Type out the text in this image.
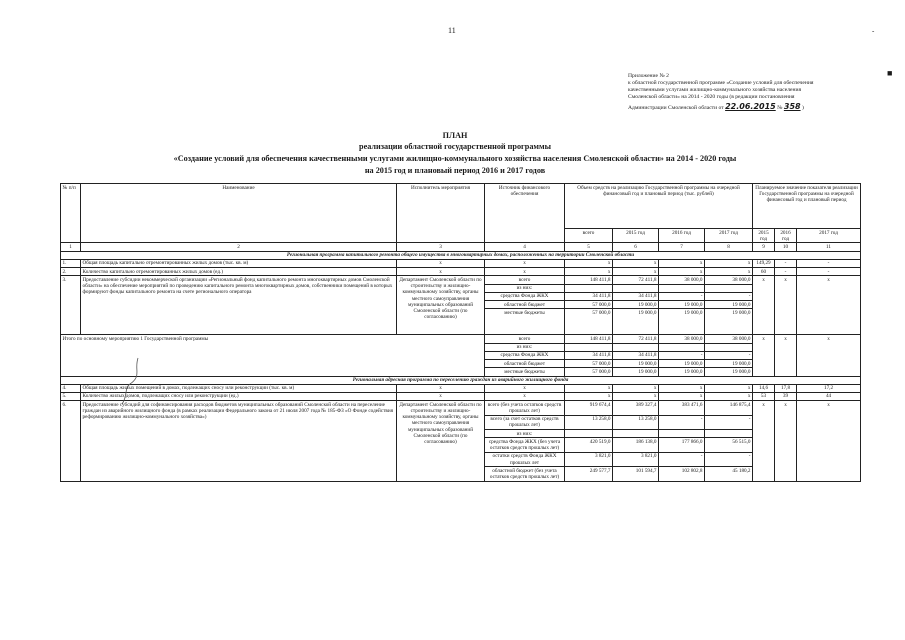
11	-
■
Приложение № 2
к областной государственной программе «Создание условий для обеспечения
качественными услугами жилищно-коммунального хозяйства населения
Смоленской области» на 2014 - 2020 годы (в редакции постановления
Администрации Смоленской области от 22.06.2015 № 358 )
ПЛАН
реализации областной государственной программы
«Создание условий для обеспечения качественными услугами жилищно-коммунального хозяйства населения Смоленской области» на 2014 - 2020 годы
на 2015 год и плановый период 2016 и 2017 годов
№ п/п	Наименование	Исполнитель мероприятия	Источник финансового обеспечения	Объем средств на реализацию Государственной программы на очередной финансовый год и плановый период (тыс. рублей)				Планируемое значение показателя реализации Государственной программы на очередной финансовый год и плановый период		
				всего	2015 год	2016 год	2017 год	2015 год	2016 год	2017 год
1	2	3	4	5	6	7	8	9	10	11
Региональная программа капитального ремонта общего имущества в многоквартирных домах, расположенных на территории Смоленской области										
1.	Общая площадь капитально отремонтированных жилых домов (тыс. кв. м)	х	х	х	х	х	х	149,29	-	-
2.	Количество капитально отремонтированных жилых домов (ед.)	х	х	х	х	х	х	60	-	-
3.	Предоставление субсидии некоммерческой организации «Региональный фонд капитального ремонта многоквартирных домов Смоленской области» на обеспечение мероприятий по проведению капитального ремонта многоквартирных домов, собственники помещений в которых формируют фонды капитального ремонта на счете регионального оператора	Департамент Смоленской области по строительству и жилищно-коммунальному хозяйству, органы местного самоуправления муниципальных образований Смоленской области (по согласованию)	всего	148 411,8	72 411,8	38 000,0	38 000,0	х	х	х
			из них:							
			средства Фонда ЖКХ	34 411,8	34 411,8	-	-			
			областной бюджет	57 000,0	19 000,0	19 000,0	19 000,0			
			местные бюджеты	57 000,0	19 000,0	19 000,0	19 000,0			
Итого по основному мероприятию 1 Государственной программы			всего	148 411,8	72 411,8	38 000,0	38 000,0	х	х	х
			из них:							
			средства Фонда ЖКХ	34 411,8	34 411,8	-	-			
			областной бюджет	57 000,0	19 000,0	19 000,0	19 000,0			
			местные бюджеты	57 000,0	19 000,0	19 000,0	19 000,0			
Региональная адресная программа по переселению граждан из аварийного жилищного фонда										
4.	Общая площадь жилых помещений в домах, подлежащих сносу или реконструкции (тыс. кв. м)	х	х	х	х	х	х	14,6	17,8	17,2
5.	Количество жилых домов, подлежащих сносу или реконструкции (ед.)	х	х	х	х	х	х	53	39	44
6.	Предоставление субсидий для софинансирования расходов бюджетов муниципальных образований Смоленской области на переселение граждан из аварийного жилищного фонда (в рамках реализации Федерального закона от 21 июля 2007 года № 185-ФЗ «О Фонде содействия реформированию жилищно-коммунального хозяйства»)	Департамент Смоленской области по строительству и жилищно-коммунальному хозяйству, органы местного самоуправления муниципальных образований Смоленской области (по согласованию)	всего (без учета остатков средств прошлых лет)	919 674,4	389 327,4	383 471,6	146 875,4	х	х	х
			всего (за счет остатков средств прошлых лет)	13 258,0	13 258,0	-	-			
			из них:							
			средства Фонда ЖКХ (без учета остатков средств прошлых лет)	420 519,0	186 138,0	177 866,0	56 515,0			
			остатки средств Фонда ЖКХ прошлых лет	3 821,0	3 821,0	-	-			
			областной бюджет (без учета остатков средств прошлых лет)	249 577,7	101 594,7	102 802,8	45 180,2			
